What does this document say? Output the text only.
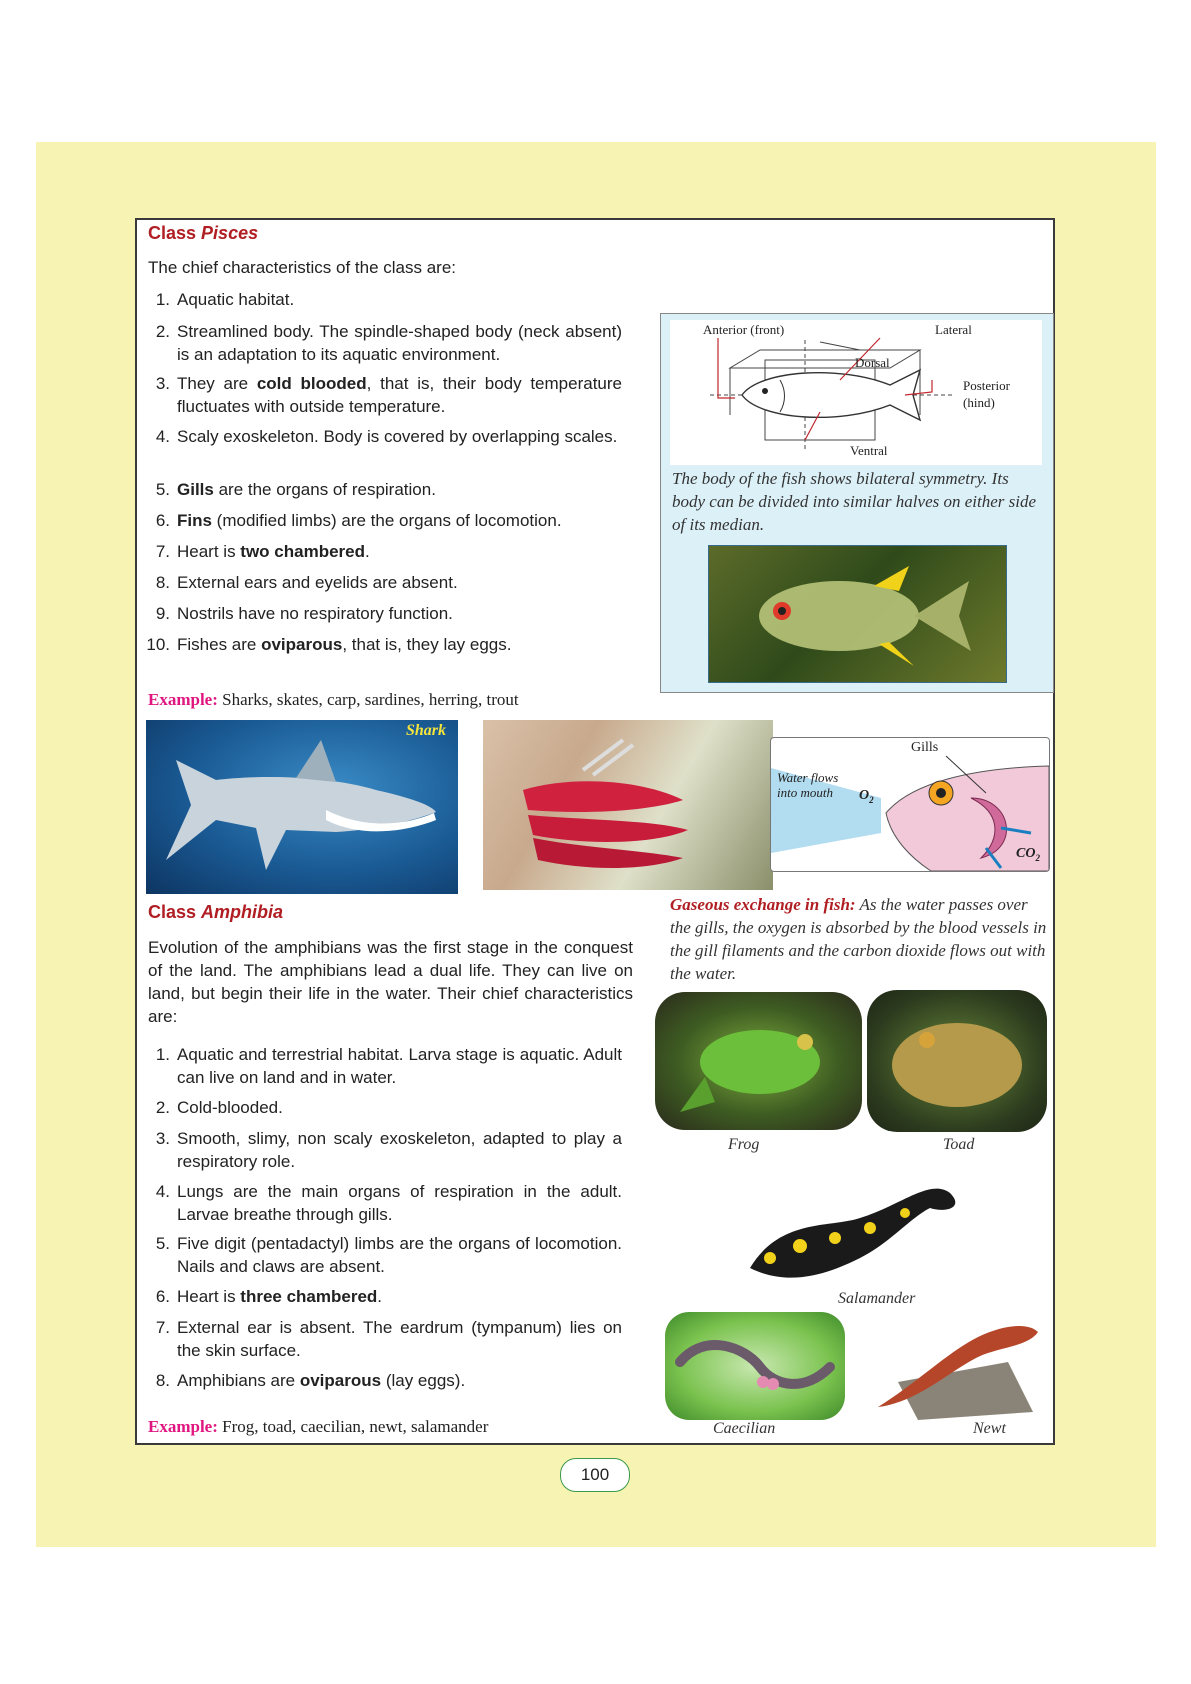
Class Pisces
The chief characteristics of the class are:
1. Aquatic habitat.
2. Streamlined body. The spindle-shaped body (neck absent) is an adaptation to its aquatic environment.
3. They are cold blooded, that is, their body temperature fluctuates with outside temperature.
4. Scaly exoskeleton. Body is covered by overlapping scales.
5. Gills are the organs of respiration.
6. Fins (modified limbs) are the organs of locomotion.
7. Heart is two chambered.
8. External ears and eyelids are absent.
9. Nostrils have no respiratory function.
10. Fishes are oviparous, that is, they lay eggs.
Example: Sharks, skates, carp, sardines, herring, trout
Anterior (front)	Lateral
Dorsal
Posterior
(hind)
Ventral
The body of the fish shows bilateral symmetry. Its body can be divided into similar halves on either side of its median.
Shark
Gills
Water flows
into mouth	$O_2$
$CO_2$
Gaseous exchange in fish: As the water passes over the gills, the oxygen is absorbed by the blood vessels in the gill filaments and the carbon dioxide flows out with the water.
Class Amphibia
Evolution of the amphibians was the first stage in the conquest of the land. The amphibians lead a dual life. They can live on land, but begin their life in the water. Their chief characteristics are:
1. Aquatic and terrestrial habitat. Larva stage is aquatic. Adult can live on land and in water.
2. Cold-blooded.
3. Smooth, slimy, non scaly exoskeleton, adapted to play a respiratory role.
4. Lungs are the main organs of respiration in the adult. Larvae breathe through gills.
5. Five digit (pentadactyl) limbs are the organs of locomotion. Nails and claws are absent.
6. Heart is three chambered.
7. External ear is absent. The eardrum (tympanum) lies on the skin surface.
8. Amphibians are oviparous (lay eggs).
Example: Frog, toad, caecilian, newt, salamander
Frog	Toad
Salamander
Caecilian	Newt
100
